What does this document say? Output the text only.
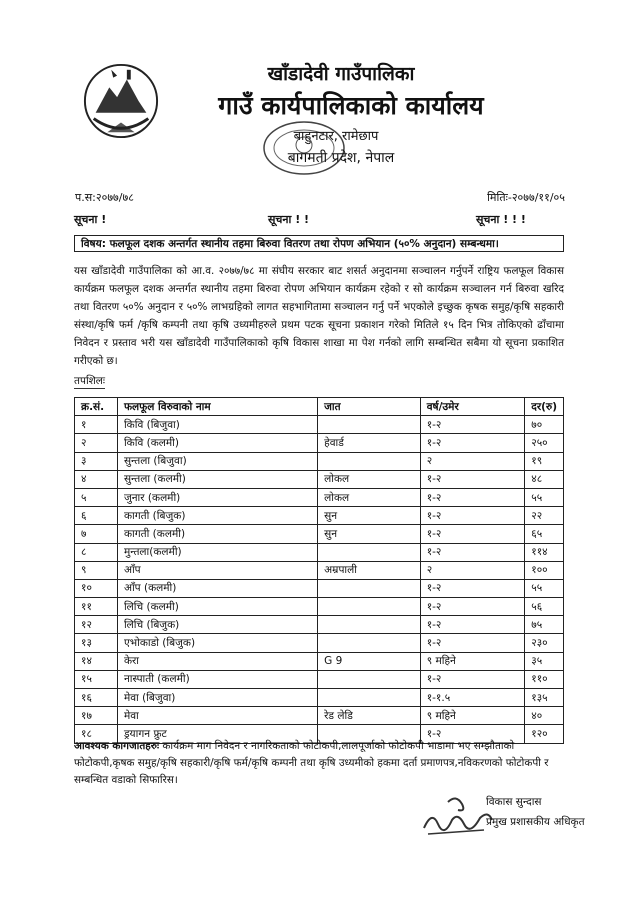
खाँडादेवी गाउँपालिका
गाउँ कार्यपालिकाको कार्यालय
बाहुनटार, रामेछाप
बागमती प्रदेश, नेपाल
प.स:२०७७/७८	मितिः-२०७७/११/०५
सूचना !	सूचना ! !	सूचना ! ! !
विषय: फलफूल दशक अन्तर्गत स्थानीय तहमा बिरुवा वितरण तथा रोपण अभियान (५०% अनुदान) सम्बन्धमा।
यस खाँडादेवी गाउँपालिका को आ.व. २०७७/७८ मा संघीय सरकार बाट शसर्त अनुदानमा सञ्चालन गर्नुपर्ने राष्ट्रिय फलफूल विकास कार्यक्रम फलफूल दशक अन्तर्गत स्थानीय तहमा बिरुवा रोपण अभियान कार्यक्रम रहेको र सो कार्यक्रम सञ्चालन गर्न बिरुवा खरिद तथा वितरण ५०% अनुदान र ५०% लाभग्रहिको लागत सहभागितामा सञ्चालन गर्नु पर्ने भएकोले इच्छुक कृषक समुह/कृषि सहकारी संस्था/कृषि फर्म /कृषि कम्पनी तथा कृषि उध्यमीहरुले प्रथम पटक सूचना प्रकाशन गरेको मितिले १५ दिन भित्र तोकिएको ढाँचामा निवेदन र प्रस्ताव भरी यस खाँडादेवी गाउँपालिकाको कृषि विकास शाखा मा पेश गर्नको लागि सम्बन्धित सबैमा यो सूचना प्रकाशित गरीएको छ।
तपशिलः
क्र.सं.	फलफूल विरुवाको नाम	जात	वर्ष/उमेर	दर(रु)
१	किवि (बिजुवा)		१-२	७०
२	किवि (कलमी)	हेवार्ड	१-२	२५०
३	सुन्तला (बिजुवा)		२	१९
४	सुन्तला (कलमी)	लोकल	१-२	४८
५	जुनार (कलमी)	लोकल	१-२	५५
६	कागती (बिजुक)	सुन	१-२	२२
७	कागती (कलमी)	सुन	१-२	६५
८	मुन्तला(कलमी)		१-२	११४
९	आँप	अम्रपाली	२	१००
१०	आँप (कलमी)		१-२	५५
११	लिचि (कलमी)		१-२	५६
१२	लिचि (बिजुक)		१-२	७५
१३	एभोकाडो (बिजुक)		१-२	२३०
१४	केरा	G 9	९ महिने	३५
१५	नास्पाती (कलमी)		१-२	११०
१६	मेवा (बिजुवा)		१-१.५	१३५
१७	मेवा	रेड लेडि	९ महिने	४०
१८	ड्रयागन फ्रुट		१-२	१२०
आवश्यक कागजातहरुः कार्यक्रम माग निवेदन र नागरिकताको फोटोकपी,लालपूर्जाको फोटोकपी भाडामा भए सम्झौताको फोटोकपी,कृषक समुह/कृषि सहकारी/कृषि फर्म/कृषि कम्पनी तथा कृषि उध्यमीको हकमा दर्ता प्रमाणपत्र,नविकरणको फोटोकपी र सम्बन्धित वडाको सिफारिस।
विकास सुन्दास
प्रमुख प्रशासकीय अधिकृत
